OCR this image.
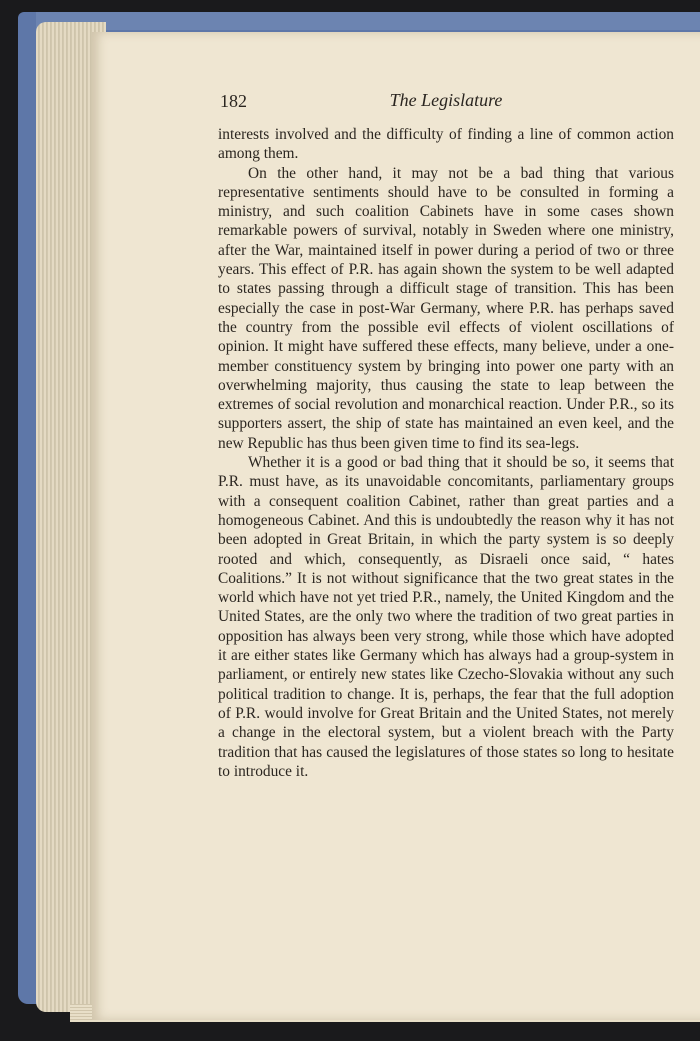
182	The Legislature

interests involved and the difficulty of finding a line of common action among them.

On the other hand, it may not be a bad thing that various representative sentiments should have to be consulted in forming a ministry, and such coalition Cabinets have in some cases shown remarkable powers of survival, notably in Sweden where one ministry, after the War, maintained itself in power during a period of two or three years. This effect of P.R. has again shown the system to be well adapted to states passing through a difficult stage of transition. This has been especially the case in post-War Germany, where P.R. has perhaps saved the country from the possible evil effects of violent oscillations of opinion. It might have suffered these effects, many believe, under a one-member constituency system by bringing into power one party with an overwhelming majority, thus causing the state to leap between the extremes of social revolution and monarchical reaction. Under P.R., so its supporters assert, the ship of state has maintained an even keel, and the new Republic has thus been given time to find its sea-legs.

Whether it is a good or bad thing that it should be so, it seems that P.R. must have, as its unavoidable concomitants, parliamentary groups with a consequent coalition Cabinet, rather than great parties and a homogeneous Cabinet. And this is undoubtedly the reason why it has not been adopted in Great Britain, in which the party system is so deeply rooted and which, consequently, as Disraeli once said, “ hates Coalitions.” It is not without significance that the two great states in the world which have not yet tried P.R., namely, the United Kingdom and the United States, are the only two where the tradition of two great parties in opposition has always been very strong, while those which have adopted it are either states like Germany which has always had a group-system in parliament, or entirely new states like Czecho-Slovakia without any such political tradition to change. It is, perhaps, the fear that the full adoption of P.R. would involve for Great Britain and the United States, not merely a change in the electoral system, but a violent breach with the Party tradition that has caused the legislatures of those states so long to hesitate to introduce it.
